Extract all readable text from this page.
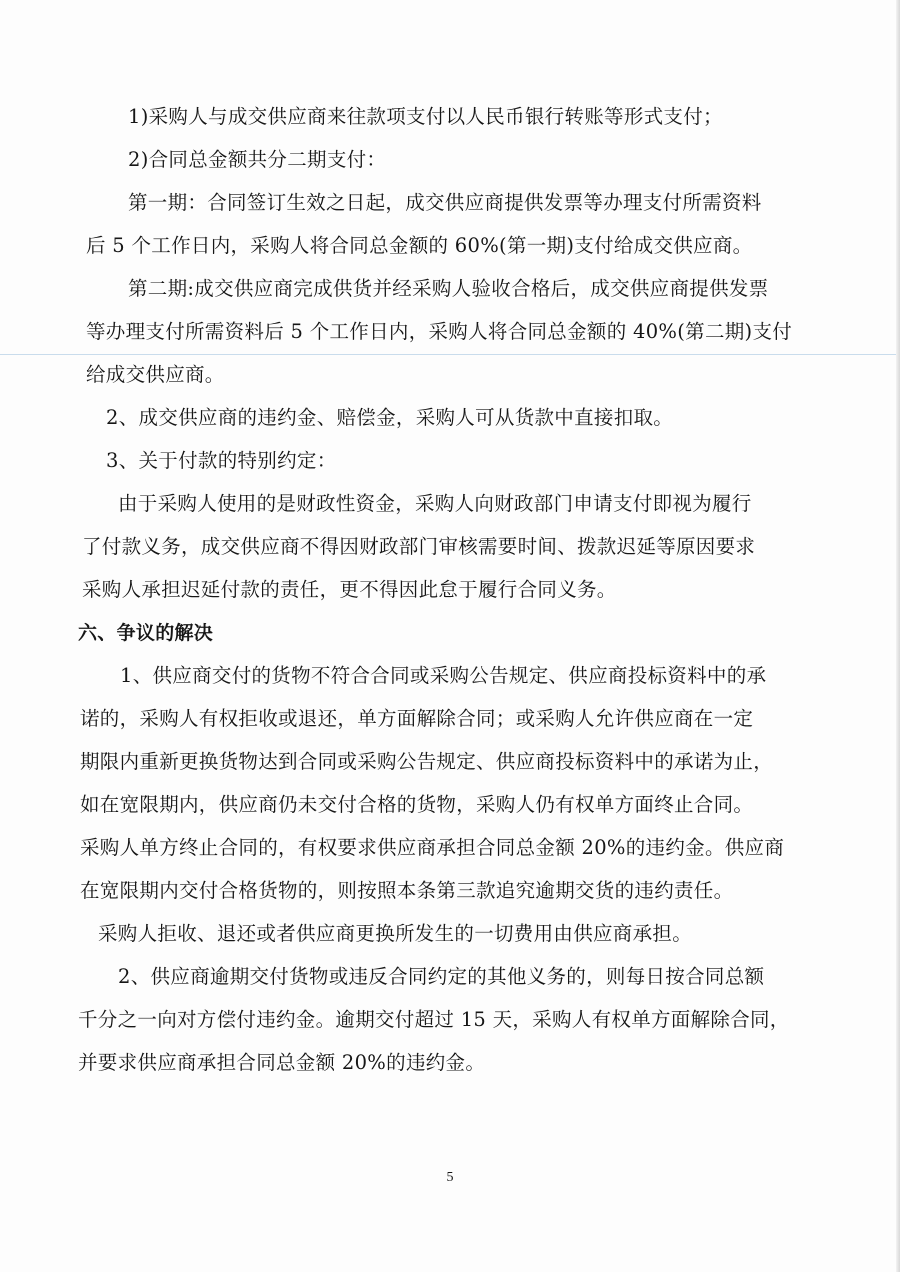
1)采购人与成交供应商来往款项支付以人民币银行转账等形式支付；
2)合同总金额共分二期支付：
第一期：合同签订生效之日起，成交供应商提供发票等办理支付所需资料
后 5 个工作日内，采购人将合同总金额的 60%(第一期)支付给成交供应商。
第二期:成交供应商完成供货并经采购人验收合格后，成交供应商提供发票
等办理支付所需资料后 5 个工作日内，采购人将合同总金额的 40%(第二期)支付
给成交供应商。
2、成交供应商的违约金、赔偿金，采购人可从货款中直接扣取。
3、关于付款的特别约定：
由于采购人使用的是财政性资金，采购人向财政部门申请支付即视为履行
了付款义务，成交供应商不得因财政部门审核需要时间、拨款迟延等原因要求
采购人承担迟延付款的责任，更不得因此怠于履行合同义务。
六、争议的解决
1、供应商交付的货物不符合合同或采购公告规定、供应商投标资料中的承
诺的，采购人有权拒收或退还，单方面解除合同；或采购人允许供应商在一定
期限内重新更换货物达到合同或采购公告规定、供应商投标资料中的承诺为止，
如在宽限期内，供应商仍未交付合格的货物，采购人仍有权单方面终止合同。
采购人单方终止合同的，有权要求供应商承担合同总金额 20%的违约金。供应商
在宽限期内交付合格货物的，则按照本条第三款追究逾期交货的违约责任。
采购人拒收、退还或者供应商更换所发生的一切费用由供应商承担。
2、供应商逾期交付货物或违反合同约定的其他义务的，则每日按合同总额
千分之一向对方偿付违约金。逾期交付超过 15 天，采购人有权单方面解除合同，
并要求供应商承担合同总金额 20%的违约金。
5
